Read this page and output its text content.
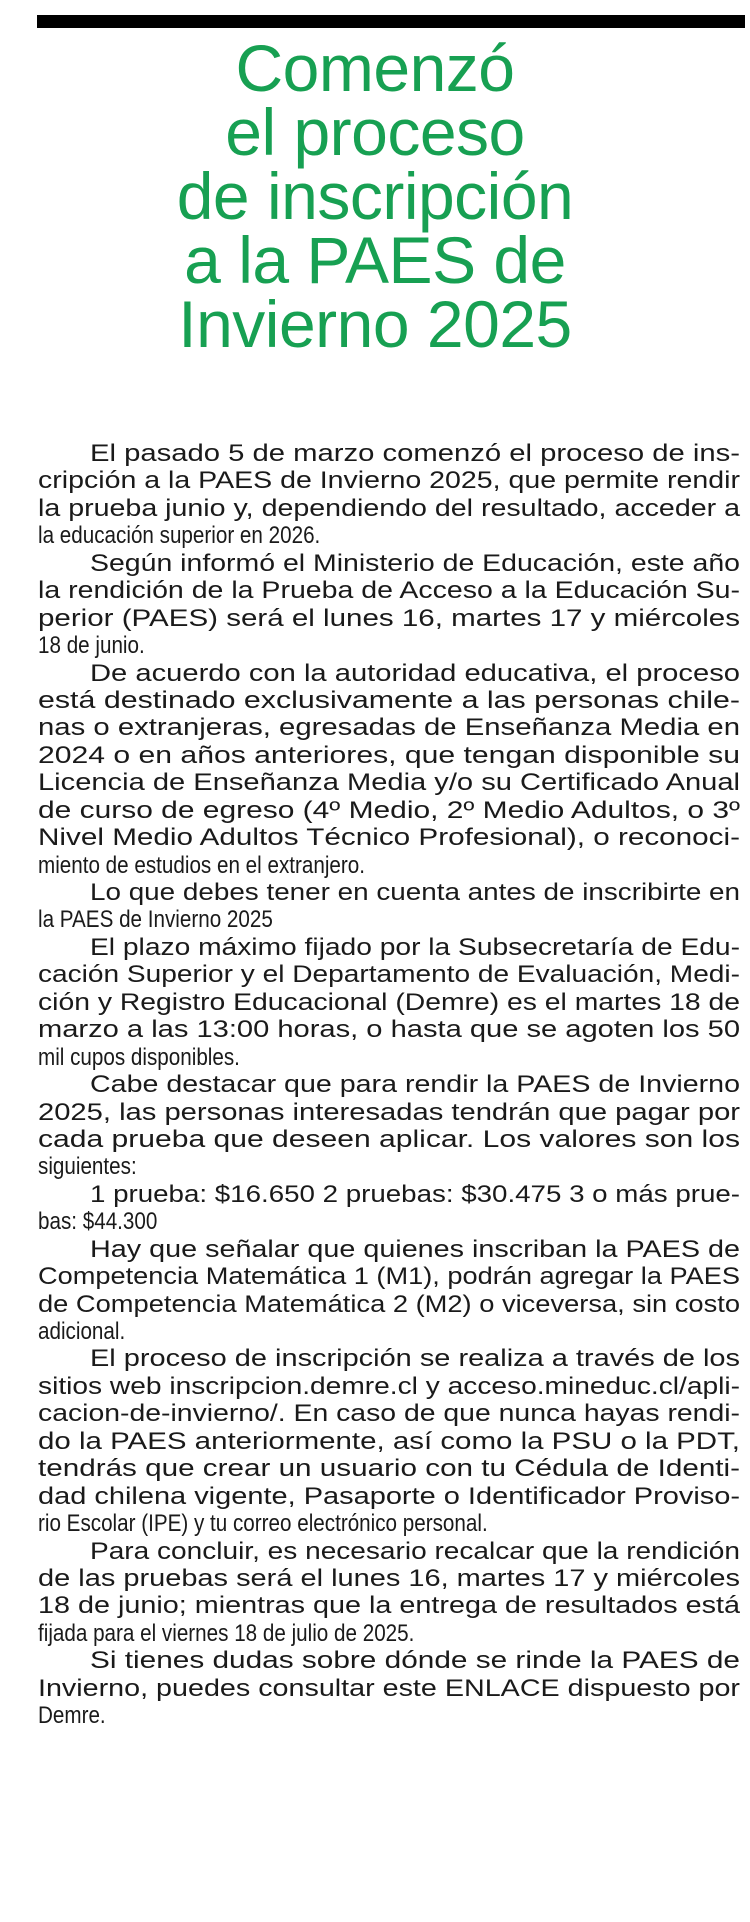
Comenzó
el proceso
de inscripción
a la PAES de
Invierno 2025

El pasado 5 de marzo comenzó el proceso de ins-
cripción a la PAES de Invierno 2025, que permite rendir
la prueba junio y, dependiendo del resultado, acceder a
la educación superior en 2026.

Según informó el Ministerio de Educación, este año
la rendición de la Prueba de Acceso a la Educación Su-
perior (PAES) será el lunes 16, martes 17 y miércoles
18 de junio.

De acuerdo con la autoridad educativa, el proceso
está destinado exclusivamente a las personas chile-
nas o extranjeras, egresadas de Enseñanza Media en
2024 o en años anteriores, que tengan disponible su
Licencia de Enseñanza Media y/o su Certificado Anual
de curso de egreso (4º Medio, 2º Medio Adultos, o 3º
Nivel Medio Adultos Técnico Profesional), o reconoci-
miento de estudios en el extranjero.

Lo que debes tener en cuenta antes de inscribirte en
la PAES de Invierno 2025

El plazo máximo fijado por la Subsecretaría de Edu-
cación Superior y el Departamento de Evaluación, Medi-
ción y Registro Educacional (Demre) es el martes 18 de
marzo a las 13:00 horas, o hasta que se agoten los 50
mil cupos disponibles.

Cabe destacar que para rendir la PAES de Invierno
2025, las personas interesadas tendrán que pagar por
cada prueba que deseen aplicar. Los valores son los
siguientes:

1 prueba: $16.650 2 pruebas: $30.475 3 o más prue-
bas: $44.300

Hay que señalar que quienes inscriban la PAES de
Competencia Matemática 1 (M1), podrán agregar la PAES
de Competencia Matemática 2 (M2) o viceversa, sin costo
adicional.

El proceso de inscripción se realiza a través de los
sitios web inscripcion.demre.cl y acceso.mineduc.cl/apli-
cacion-de-invierno/. En caso de que nunca hayas rendi-
do la PAES anteriormente, así como la PSU o la PDT,
tendrás que crear un usuario con tu Cédula de Identi-
dad chilena vigente, Pasaporte o Identificador Proviso-
rio Escolar (IPE) y tu correo electrónico personal.

Para concluir, es necesario recalcar que la rendición
de las pruebas será el lunes 16, martes 17 y miércoles
18 de junio; mientras que la entrega de resultados está
fijada para el viernes 18 de julio de 2025.

Si tienes dudas sobre dónde se rinde la PAES de
Invierno, puedes consultar este ENLACE dispuesto por
Demre.
